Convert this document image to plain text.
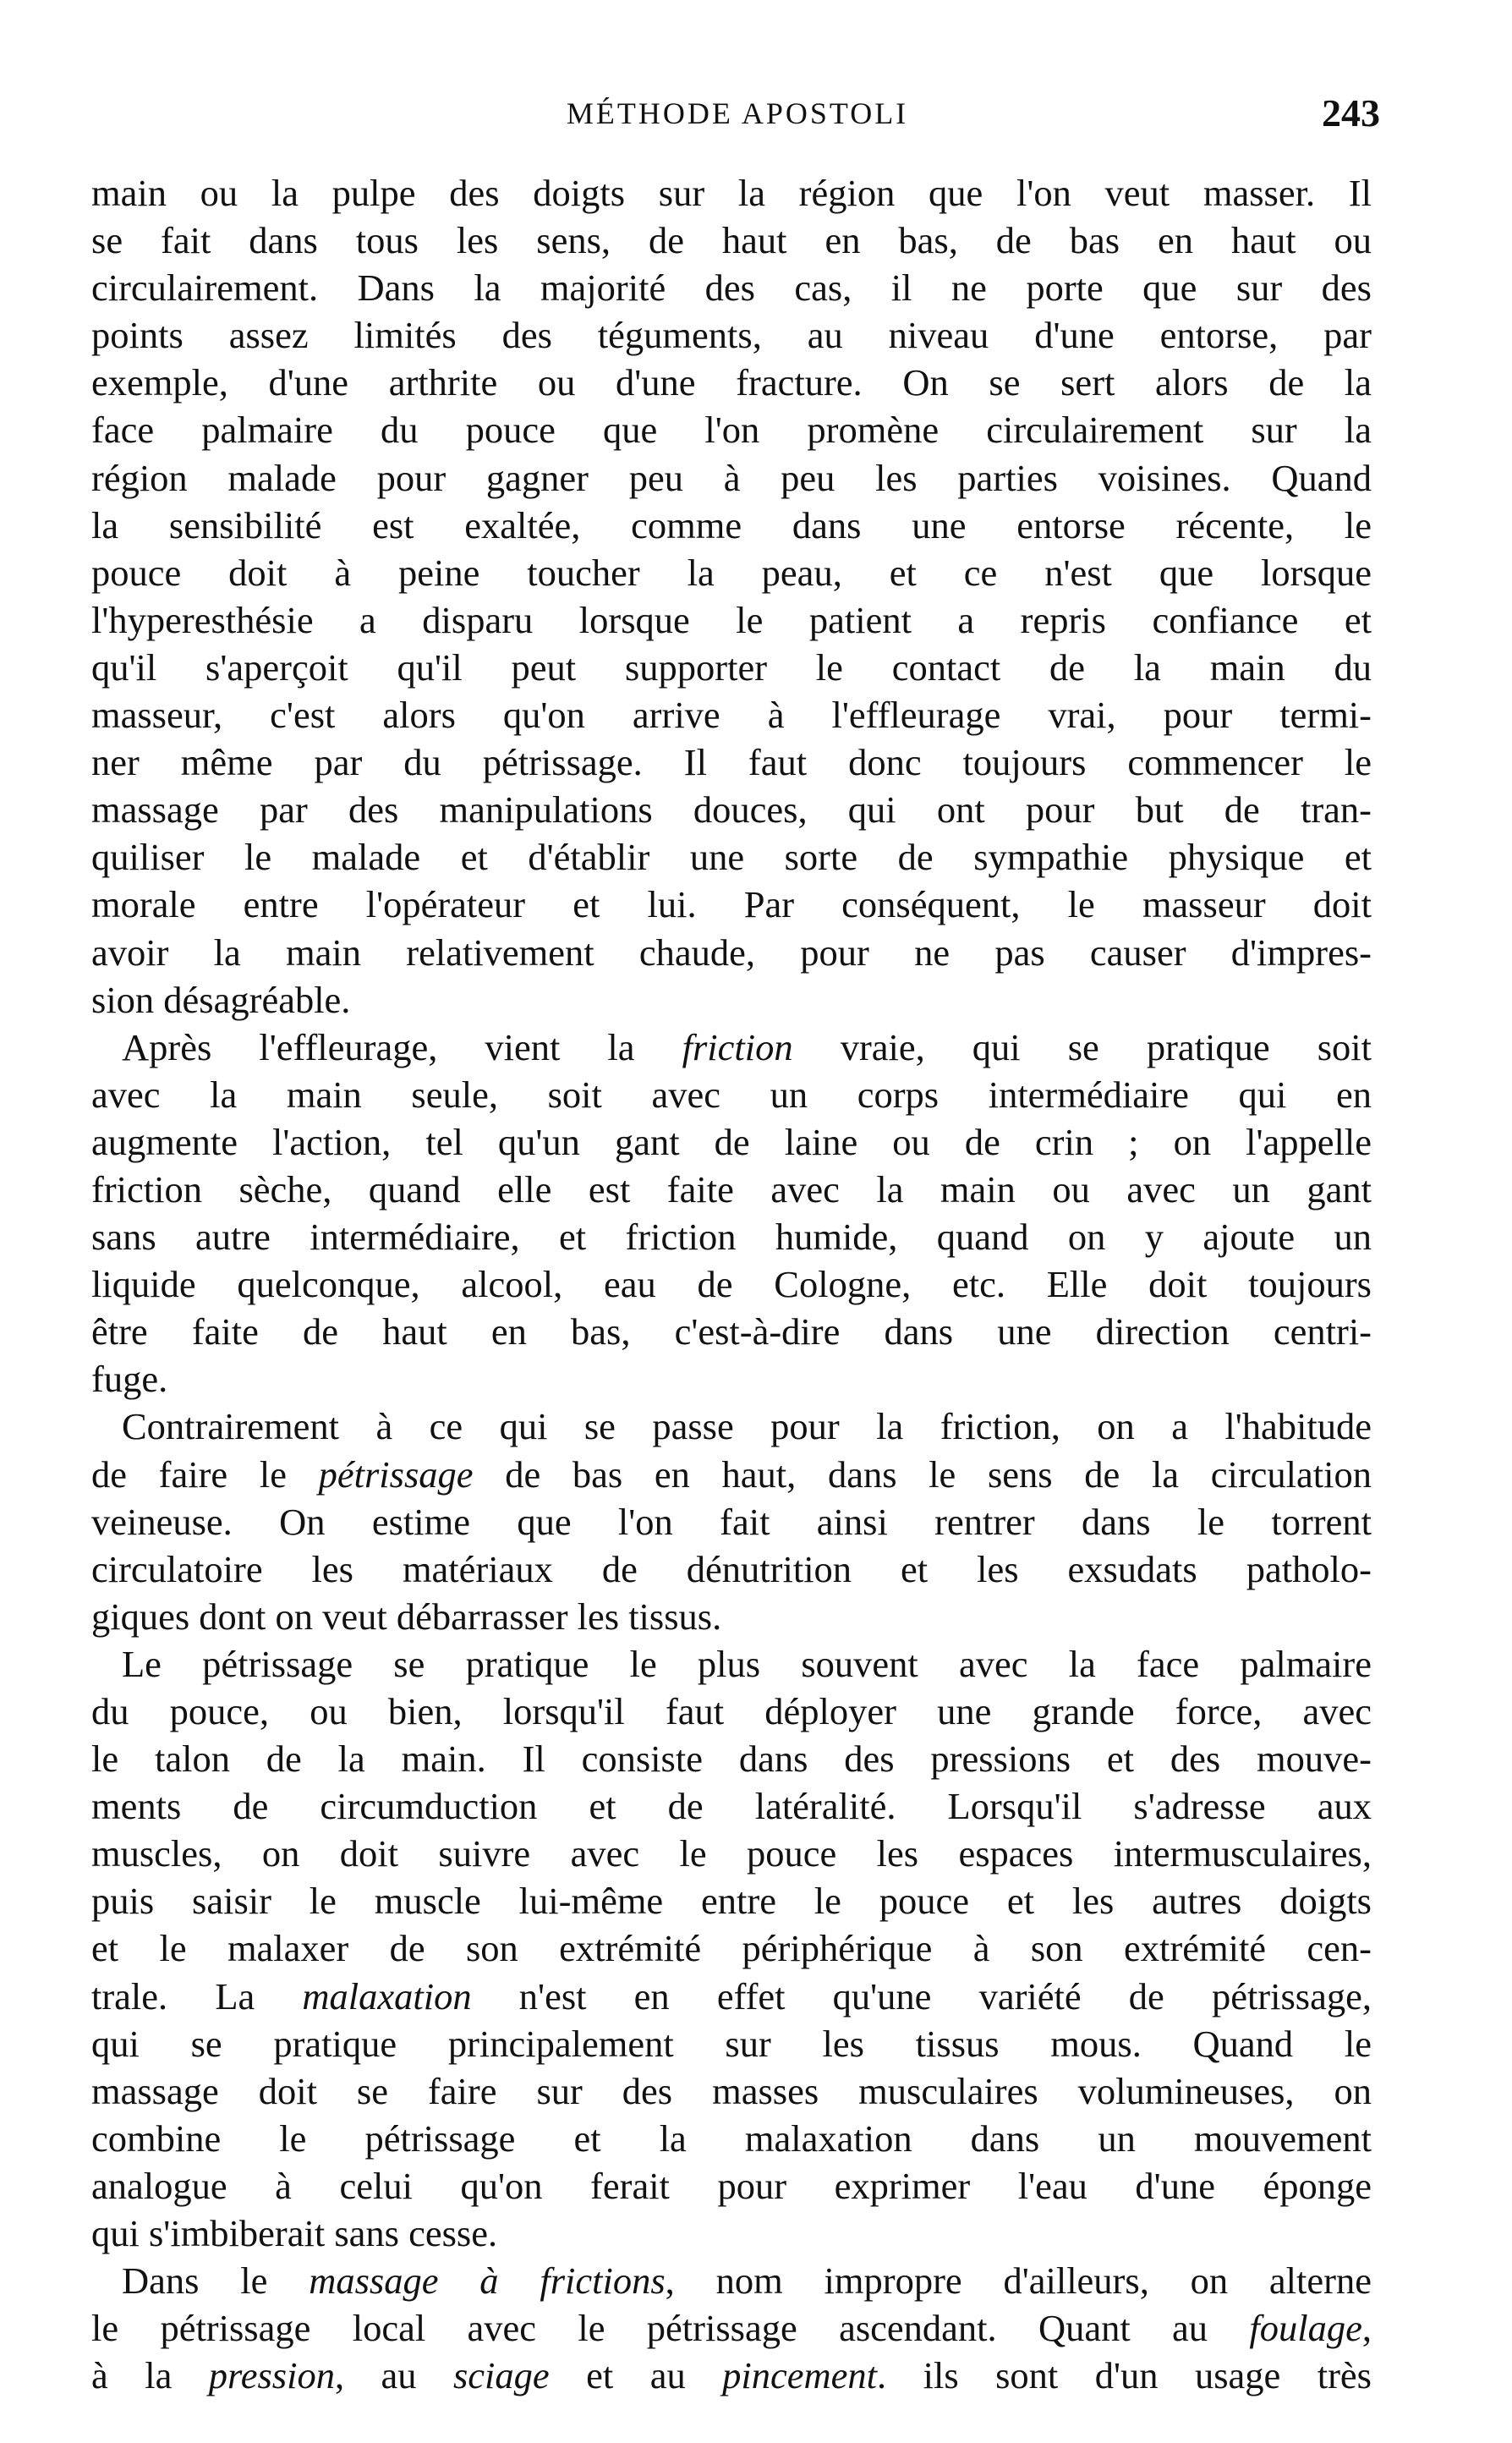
MÉTHODE APOSTOLI	243
main ou la pulpe des doigts sur la région que l'on veut masser. Il
se fait dans tous les sens, de haut en bas, de bas en haut ou
circulairement. Dans la majorité des cas, il ne porte que sur des
points assez limités des téguments, au niveau d'une entorse, par
exemple, d'une arthrite ou d'une fracture. On se sert alors de la
face palmaire du pouce que l'on promène circulairement sur la
région malade pour gagner peu à peu les parties voisines. Quand
la sensibilité est exaltée, comme dans une entorse récente, le
pouce doit à peine toucher la peau, et ce n'est que lorsque
l'hyperesthésie a disparu lorsque le patient a repris confiance et
qu'il s'aperçoit qu'il peut supporter le contact de la main du
masseur, c'est alors qu'on arrive à l'effleurage vrai, pour termi-
ner même par du pétrissage. Il faut donc toujours commencer le
massage par des manipulations douces, qui ont pour but de tran-
quiliser le malade et d'établir une sorte de sympathie physique et
morale entre l'opérateur et lui. Par conséquent, le masseur doit
avoir la main relativement chaude, pour ne pas causer d'impres-
sion désagréable.
Après l'effleurage, vient la friction vraie, qui se pratique soit
avec la main seule, soit avec un corps intermédiaire qui en
augmente l'action, tel qu'un gant de laine ou de crin ; on l'appelle
friction sèche, quand elle est faite avec la main ou avec un gant
sans autre intermédiaire, et friction humide, quand on y ajoute un
liquide quelconque, alcool, eau de Cologne, etc. Elle doit toujours
être faite de haut en bas, c'est-à-dire dans une direction centri-
fuge.
Contrairement à ce qui se passe pour la friction, on a l'habitude
de faire le pétrissage de bas en haut, dans le sens de la circulation
veineuse. On estime que l'on fait ainsi rentrer dans le torrent
circulatoire les matériaux de dénutrition et les exsudats patholo-
giques dont on veut débarrasser les tissus.
Le pétrissage se pratique le plus souvent avec la face palmaire
du pouce, ou bien, lorsqu'il faut déployer une grande force, avec
le talon de la main. Il consiste dans des pressions et des mouve-
ments de circumduction et de latéralité. Lorsqu'il s'adresse aux
muscles, on doit suivre avec le pouce les espaces intermusculaires,
puis saisir le muscle lui-même entre le pouce et les autres doigts
et le malaxer de son extrémité périphérique à son extrémité cen-
trale. La malaxation n'est en effet qu'une variété de pétrissage,
qui se pratique principalement sur les tissus mous. Quand le
massage doit se faire sur des masses musculaires volumineuses, on
combine le pétrissage et la malaxation dans un mouvement
analogue à celui qu'on ferait pour exprimer l'eau d'une éponge
qui s'imbiberait sans cesse.
Dans le massage à frictions, nom impropre d'ailleurs, on alterne
le pétrissage local avec le pétrissage ascendant. Quant au foulage,
à la pression, au sciage et au pincement. ils sont d'un usage très
